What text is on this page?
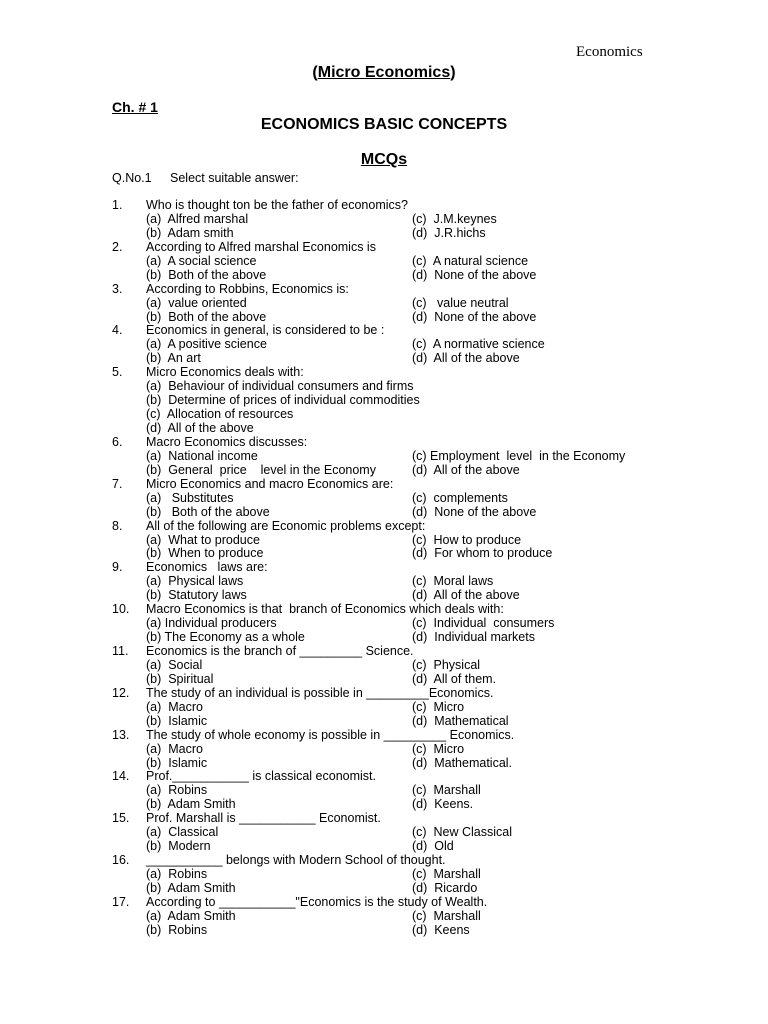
Economics
(Micro Economics)
Ch. # 1
ECONOMICS BASIC CONCEPTS
MCQs
Q.No.1 Select suitable answer:
1. Who is thought ton be the father of economics?
(a)  Alfred marshal	(c)  J.M.keynes
(b)  Adam smith	(d)  J.R.hichs
2. According to Alfred marshal Economics is
(a)  A social science	(c)  A natural science
(b)  Both of the above	(d)  None of the above
3. According to Robbins, Economics is:
(a)  value oriented	(c)   value neutral
(b)  Both of the above	(d)  None of the above
4. Economics in general, is considered to be :
(a)  A positive science	(c)  A normative science
(b)  An art	(d)  All of the above
5. Micro Economics deals with:
(a)  Behaviour of individual consumers and firms
(b)  Determine of prices of individual commodities
(c)  Allocation of resources
(d)  All of the above
6. Macro Economics discusses:
(a)  National income	(c) Employment  level  in the Economy
(b)  General  price    level in the Economy	(d)  All of the above
7. Micro Economics and macro Economics are:
(a)   Substitutes	(c)  complements
(b)   Both of the above	(d)  None of the above
8. All of the following are Economic problems except:
(a)  What to produce	(c)  How to produce
(b)  When to produce	(d)  For whom to produce
9. Economics   laws are:
(a)  Physical laws	(c)  Moral laws
(b)  Statutory laws	(d)  All of the above
10. Macro Economics is that  branch of Economics which deals with:
(a) Individual producers	(c)  Individual  consumers
(b) The Economy as a whole	(d)  Individual markets
11. Economics is the branch of _________ Science.
(a)  Social	(c)  Physical
(b)  Spiritual	(d)  All of them.
12. The study of an individual is possible in _________Economics.
(a)  Macro	(c)  Micro
(b)  Islamic	(d)  Mathematical
13. The study of whole economy is possible in _________ Economics.
(a)  Macro	(c)  Micro
(b)  Islamic	(d)  Mathematical.
14. Prof.___________ is classical economist.
(a)  Robins	(c)  Marshall
(b)  Adam Smith	(d)  Keens.
15. Prof. Marshall is ___________ Economist.
(a)  Classical	(c)  New Classical
(b)  Modern	(d)  Old
16. ___________ belongs with Modern School of thought.
(a)  Robins	(c)  Marshall
(b)  Adam Smith	(d)  Ricardo
17. According to ___________"Economics is the study of Wealth.
(a)  Adam Smith	(c)  Marshall
(b)  Robins	(d)  Keens
